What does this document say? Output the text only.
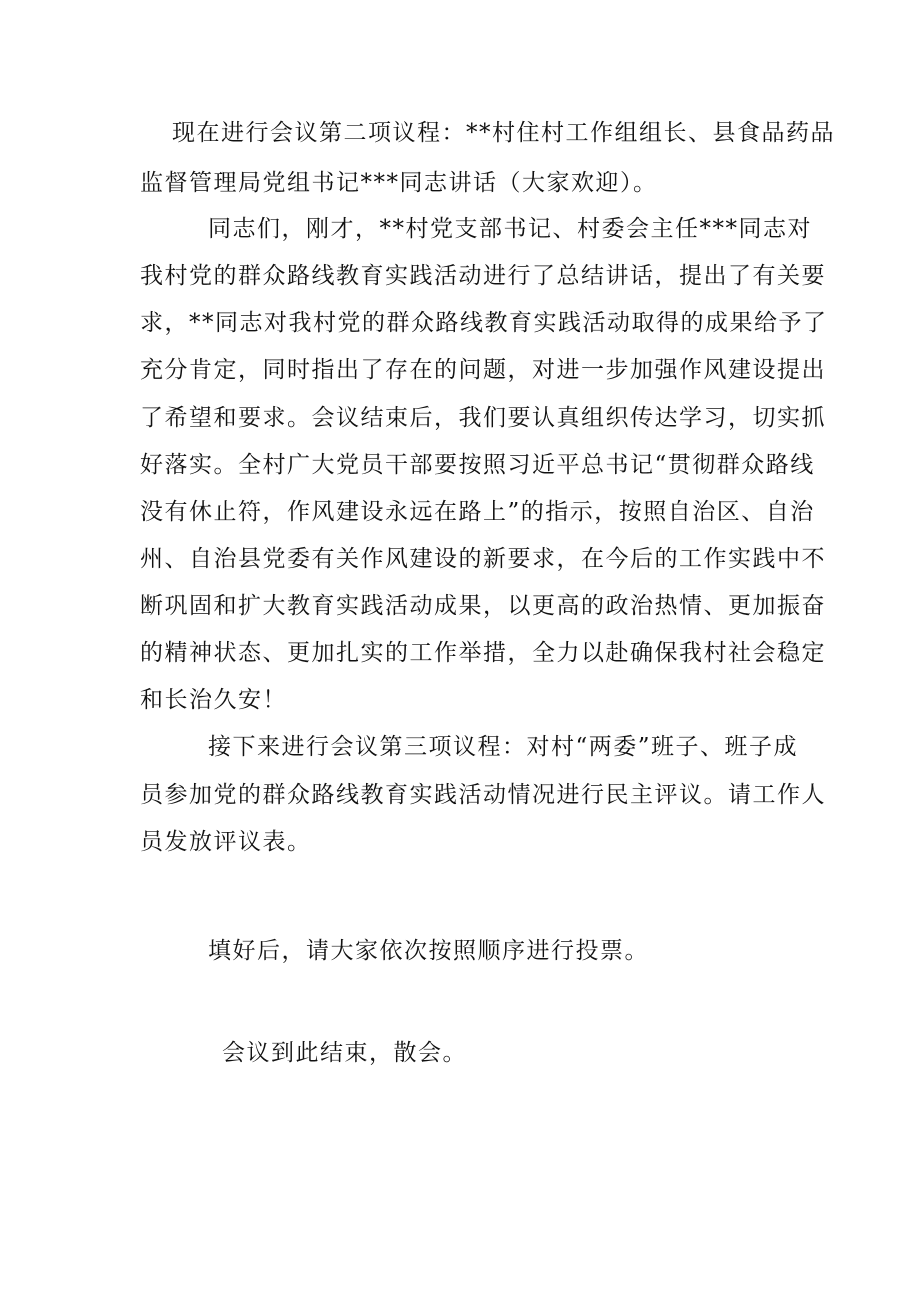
现在进行会议第二项议程：**村住村工作组组长、县食品药品
监督管理局党组书记***同志讲话（大家欢迎）。
同志们，刚才，**村党支部书记、村委会主任***同志对
我村党的群众路线教育实践活动进行了总结讲话，提出了有关要
求，**同志对我村党的群众路线教育实践活动取得的成果给予了
充分肯定，同时指出了存在的问题，对进一步加强作风建设提出
了希望和要求。会议结束后，我们要认真组织传达学习，切实抓
好落实。全村广大党员干部要按照习近平总书记“贯彻群众路线
没有休止符，作风建设永远在路上”的指示，按照自治区、自治
州、自治县党委有关作风建设的新要求，在今后的工作实践中不
断巩固和扩大教育实践活动成果，以更高的政治热情、更加振奋
的精神状态、更加扎实的工作举措，全力以赴确保我村社会稳定
和长治久安！
接下来进行会议第三项议程：对村“两委”班子、班子成
员参加党的群众路线教育实践活动情况进行民主评议。请工作人
员发放评议表。
填好后，请大家依次按照顺序进行投票。
会议到此结束，散会。
